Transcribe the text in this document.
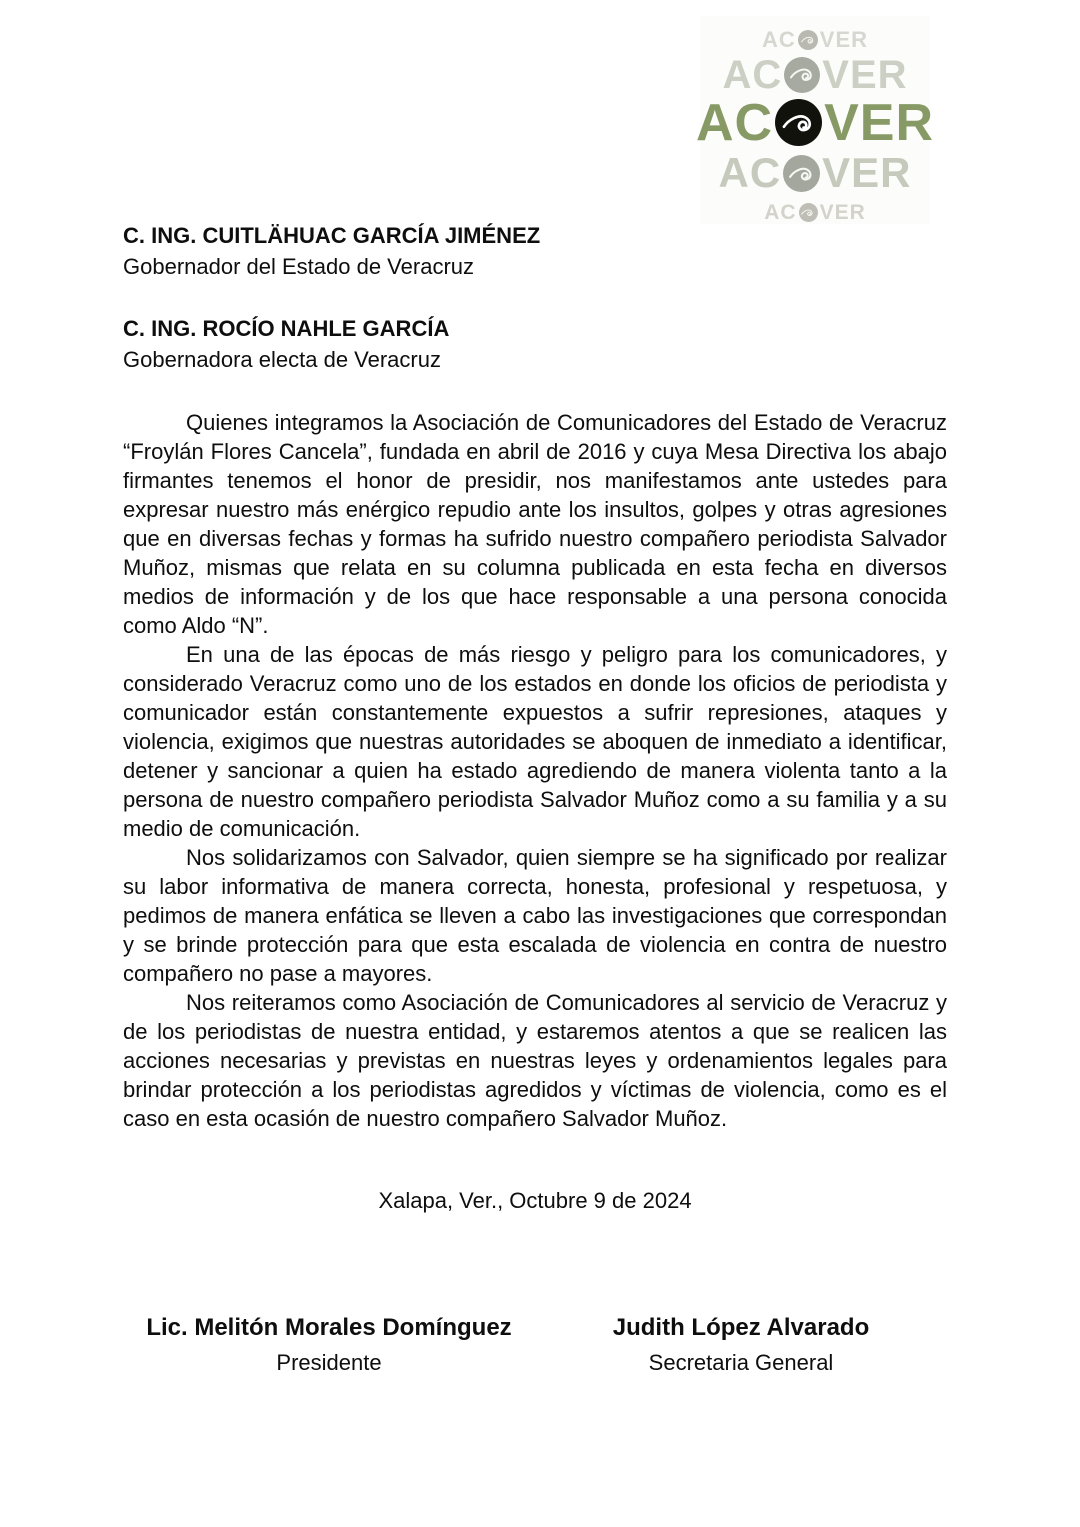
AC VER
AC VER
AC VER
AC VER
AC VER
C. ING. CUITLÄHUAC GARCÍA JIMÉNEZ
Gobernador del Estado de Veracruz
C. ING. ROCÍO NAHLE GARCÍA
Gobernadora electa de Veracruz

Quienes integramos la Asociación de Comunicadores del Estado de Veracruz “Froylán Flores Cancela”, fundada en abril de 2016 y cuya Mesa Directiva los abajo firmantes tenemos el honor de presidir, nos manifestamos ante ustedes para expresar nuestro más enérgico repudio ante los insultos, golpes y otras agresiones que en diversas fechas y formas ha sufrido nuestro compañero periodista Salvador Muñoz, mismas que relata en su columna publicada en esta fecha en diversos medios de información y de los que hace responsable a una persona conocida como Aldo “N”.

En una de las épocas de más riesgo y peligro para los comunicadores, y considerado Veracruz como uno de los estados en donde los oficios de periodista y comunicador están constantemente expuestos a sufrir represiones, ataques y violencia, exigimos que nuestras autoridades se aboquen de inmediato a identificar, detener y sancionar a quien ha estado agrediendo de manera violenta tanto a la persona de nuestro compañero periodista Salvador Muñoz como a su familia y a su medio de comunicación.

Nos solidarizamos con Salvador, quien siempre se ha significado por realizar su labor informativa de manera correcta, honesta, profesional y respetuosa, y pedimos de manera enfática se lleven a cabo las investigaciones que correspondan y se brinde protección para que esta escalada de violencia en contra de nuestro compañero no pase a mayores.

Nos reiteramos como Asociación de Comunicadores al servicio de Veracruz y de los periodistas de nuestra entidad, y estaremos atentos a que se realicen las acciones necesarias y previstas en nuestras leyes y ordenamientos legales para brindar protección a los periodistas agredidos y víctimas de violencia, como es el caso en esta ocasión de nuestro compañero Salvador Muñoz.

Xalapa, Ver., Octubre 9 de 2024
Lic. Melitón Morales Domínguez
Presidente
Judith López Alvarado
Secretaria General
